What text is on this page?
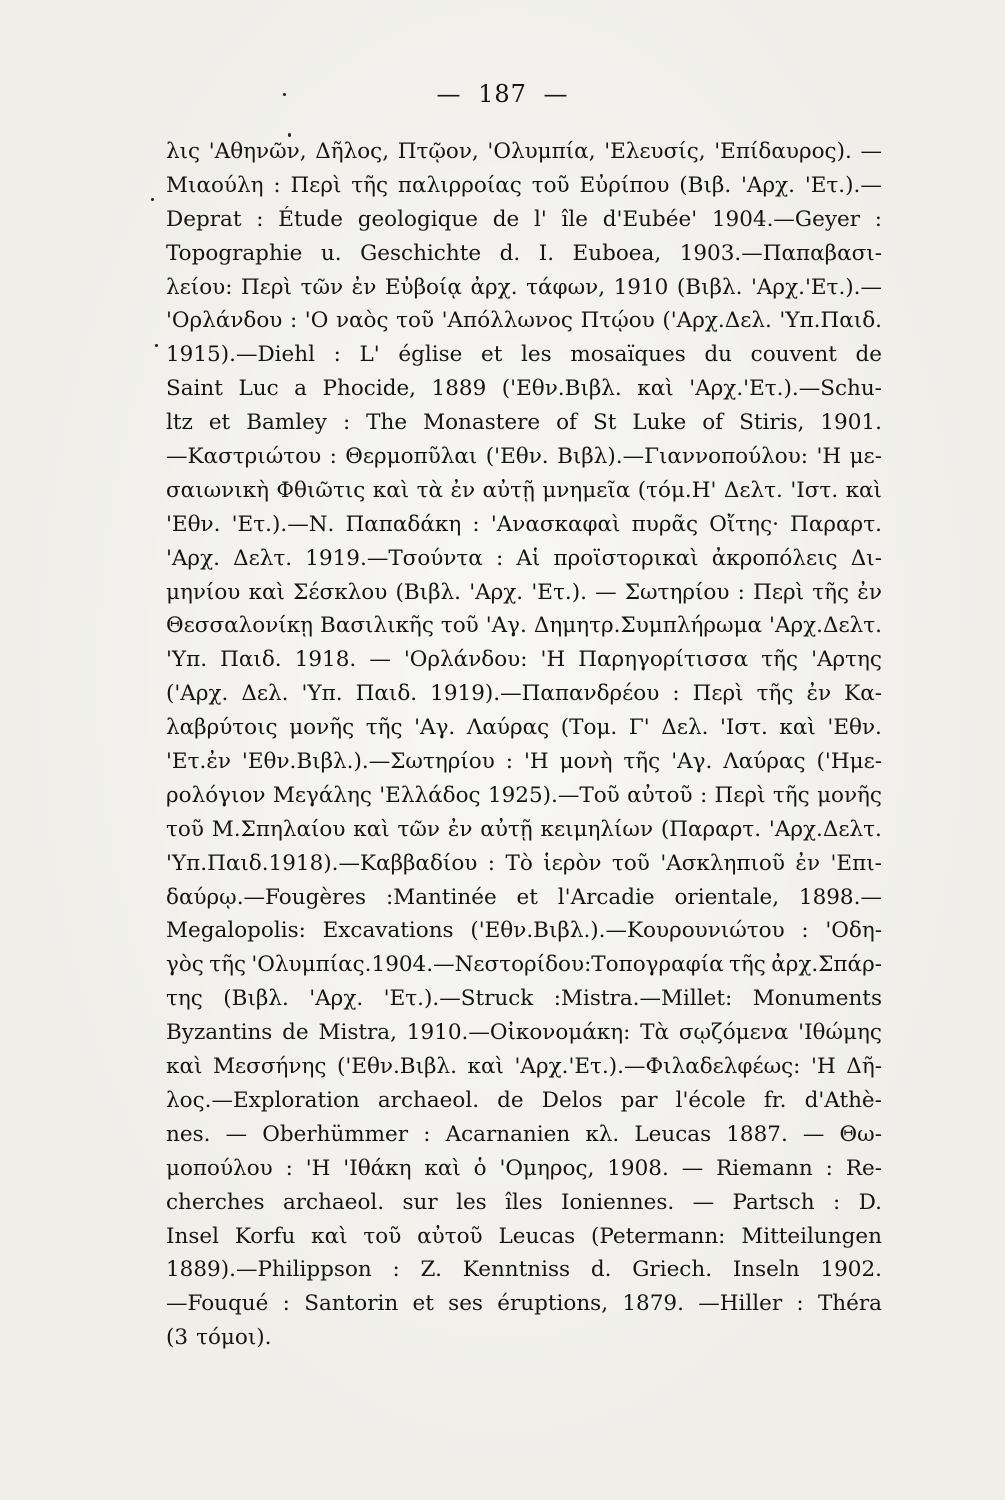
— 187 —
λις 'Αθηνῶν, Δῆλος, Πτῷον, 'Ολυμπία, 'Ελευσίς, 'Επίδαυρος). —
Μιαούλη : Περὶ τῆς παλιρροίας τοῦ Εὐρίπου (Βιβ. 'Αρχ. 'Ετ.).—
Deprat : Étude geologique de l' île d'Eubée' 1904.—Geyer :
Topographie u. Geschichte d. I. Euboea, 1903.—Παπαβασι-
λείου: Περὶ τῶν ἐν Εὐβοίᾳ ἀρχ. τάφων, 1910 (Βιβλ. 'Αρχ.'Ετ.).—
'Ορλάνδου : 'Ο ναὸς τοῦ 'Απόλλωνος Πτῴου ('Αρχ.Δελ. 'Υπ.Παιδ.
1915).—Diehl : L' église et les mosaïques du couvent de
Saint Luc a Phocide, 1889 ('Εθν.Βιβλ. καὶ 'Αρχ.'Ετ.).—Schu-
ltz et Bamley : The Monastere of St Luke of Stiris, 1901.
—Καστριώτου : Θερμοπῦλαι ('Εθν. Βιβλ).—Γιαννοπούλου: 'Η με-
σαιωνικὴ Φθιῶτις καὶ τὰ ἐν αὐτῇ μνημεῖα (τόμ.Η' Δελτ. 'Ιστ. καὶ
'Εθν. 'Ετ.).—Ν. Παπαδάκη : 'Ανασκαφαὶ πυρᾶς Οἴτης· Παραρτ.
'Αρχ. Δελτ. 1919.—Τσούντα : Αἱ προϊστορικαὶ ἀκροπόλεις Δι-
μηνίου καὶ Σέσκλου (Βιβλ. 'Αρχ. 'Ετ.). — Σωτηρίου : Περὶ τῆς ἐν
Θεσσαλονίκῃ Βασιλικῆς τοῦ 'Αγ. Δημητρ.Συμπλήρωμα 'Αρχ.Δελτ.
'Υπ. Παιδ. 1918. — 'Ορλάνδου: 'Η Παρηγορίτισσα τῆς 'Αρτης
('Αρχ. Δελ. 'Υπ. Παιδ. 1919).—Παπανδρέου : Περὶ τῆς ἐν Κα-
λαβρύτοις μονῆς τῆς 'Αγ. Λαύρας (Τομ. Γ' Δελ. 'Ιστ. καὶ 'Εθν.
'Ετ.ἐν 'Εθν.Βιβλ.).—Σωτηρίου : 'Η μονὴ τῆς 'Αγ. Λαύρας ('Ημε-
ρολόγιον Μεγάλης 'Ελλάδος 1925).—Τοῦ αὐτοῦ : Περὶ τῆς μονῆς
τοῦ Μ.Σπηλαίου καὶ τῶν ἐν αὐτῇ κειμηλίων (Παραρτ. 'Αρχ.Δελτ.
'Υπ.Παιδ.1918).—Καββαδίου : Τὸ ἱερὸν τοῦ 'Ασκληπιοῦ ἐν 'Επι-
δαύρῳ.—Fougères :Mantinée et l'Arcadie orientale, 1898.—
Megalopolis: Excavations ('Εθν.Βιβλ.).—Κουρουνιώτου : 'Οδη-
γὸς τῆς 'Ολυμπίας.1904.—Νεστορίδου:Τοπογραφία τῆς ἀρχ.Σπάρ-
της (Βιβλ. 'Αρχ. 'Ετ.).—Struck :Mistra.—Millet: Monuments
Byzantins de Mistra, 1910.—Οἰκονομάκη: Τὰ σῳζόμενα 'Ιθώμης
καὶ Μεσσήνης ('Εθν.Βιβλ. καὶ 'Αρχ.'Ετ.).—Φιλαδελφέως: 'Η Δῆ-
λος.—Exploration archaeol. de Delos par l'école fr. d'Athè-
nes. — Oberhümmer : Acarnanien κλ. Leucas 1887. — Θω-
μοπούλου : 'Η 'Ιθάκη καὶ ὁ 'Ομηρος, 1908. — Riemann : Re-
cherches archaeol. sur les îles Ioniennes. — Partsch : D.
Insel Korfu καὶ τοῦ αὐτοῦ Leucas (Petermann: Mitteilungen
1889).—Philippson : Z. Kenntniss d. Griech. Inseln 1902.
—Fouqué : Santorin et ses éruptions, 1879. —Hiller : Théra
(3 τόμοι).
